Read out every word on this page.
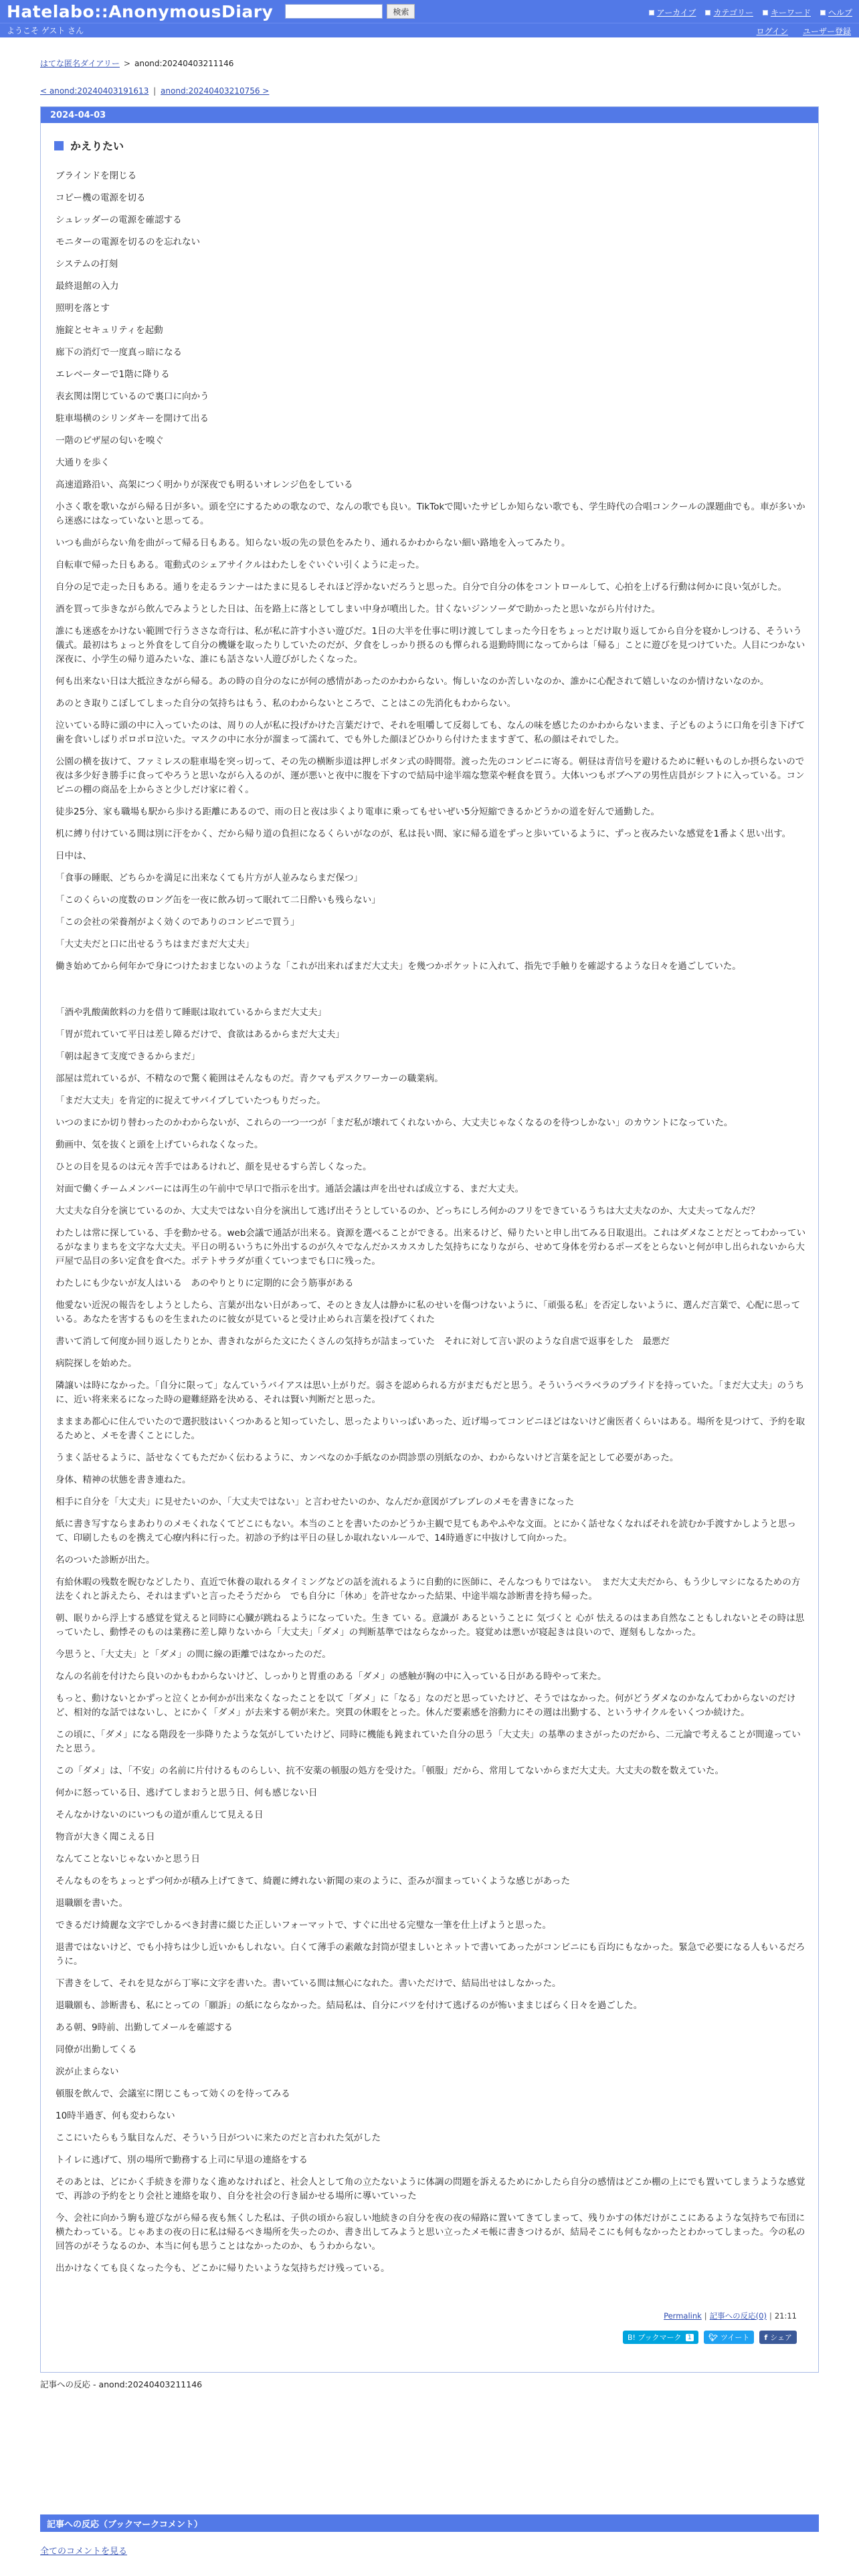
Hatelabo::AnonymousDiary	検索	アーカイブ カテゴリー キーワード ヘルプ
ようこそ ゲスト さん	ログイン ユーザー登録
はてな匿名ダイアリー > anond:20240403211146
< anond:20240403191613 | anond:20240403210756 >
2024-04-03
かえりたい

ブラインドを閉じる

コピー機の電源を切る

シュレッダーの電源を確認する

モニターの電源を切るのを忘れない

システムの打刻

最終退館の入力

照明を落とす

施錠とセキュリティを起動

廊下の消灯で一度真っ暗になる

エレベーターで1階に降りる

表玄関は閉じているので裏口に向かう

駐車場横のシリンダキーを開けて出る

一階のピザ屋の匂いを嗅ぐ

大通りを歩く

高速道路沿い、高架につく明かりが深夜でも明るいオレンジ色をしている

小さく歌を歌いながら帰る日が多い。頭を空にするための歌なので、なんの歌でも良い。TikTokで聞いたサビしか知らない歌でも、学生時代の合唱コンクールの課題曲でも。車が多いから迷惑にはなっていないと思ってる。

いつも曲がらない角を曲がって帰る日もある。知らない坂の先の景色をみたり、通れるかわからない細い路地を入ってみたり。

自転車で帰った日もある。電動式のシェアサイクルはわたしをぐいぐい引くように走った。

自分の足で走った日もある。通りを走るランナーはたまに見るしそれほど浮かないだろうと思った。自分で自分の体をコントロールして、心拍を上げる行動は何かに良い気がした。

酒を買って歩きながら飲んでみようとした日は、缶を路上に落としてしまい中身が噴出した。甘くないジンソーダで助かったと思いながら片付けた。

誰にも迷惑をかけない範囲で行うささな奇行は、私が私に許す小さい遊びだ。1日の大半を仕事に明け渡してしまった今日をちょっとだけ取り返してから自分を寝かしつける、そういう儀式。最初はちょっと外食をして自分の機嫌を取ったりしていたのだが、夕食をしっかり摂るのも憚られる退勤時間になってからは「帰る」ことに遊びを見つけていた。人目につかない深夜に、小学生の帰り道みたいな、誰にも話さない人遊びがしたくなった。

何も出来ない日は大抵泣きながら帰る。あの時の自分のなにが何の感情があったのかわからない。悔しいなのか苦しいなのか、誰かに心配されて嬉しいなのか情けないなのか。

あのとき取りこぼしてしまった自分の気持ちはもう、私のわからないところで、ことはこの先消化もわからない。

泣いている時に頭の中に入っていたのは、周りの人が私に投げかけた言葉だけで、それを咀嚼して反芻しても、なんの味を感じたのかわからないまま、子どものように口角を引き下げて歯を食いしばりポロポロ泣いた。マスクの中に水分が溜まって濡れて、でも外した顔ほどひかりら付けたまますぎて、私の顔はそれでした。

公園の横を抜けて、ファミレスの駐車場を突っ切って、その先の横断歩道は押しボタン式の時間帯。渡った先のコンビニに寄る。朝昼は青信号を避けるために軽いものしか摂らないので夜は多少好き勝手に食ってやろうと思いながら入るのが、運が悪いと夜中に腹を下すので結局中途半端な惣菜や軽食を買う。大体いつもボブヘアの男性店員がシフトに入っている。コンビニの棚の商品を上からさと少しだけ家に着く。

徒歩25分、家も職場も駅から歩ける距離にあるので、雨の日と夜は歩くより電車に乗ってもせいぜい5分短縮できるかどうかの道を好んで通勤した。

机に縛り付けている間は別に汗をかく、だから帰り道の負担になるくらいがなのが、私は長い間、家に帰る道をずっと歩いているように、ずっと夜みたいな感覚を1番よく思い出す。

日中は、

「食事の睡眠、どちらかを満足に出来なくても片方が人並みならまだ保つ」

「このくらいの度数のロング缶を一夜に飲み切って眠れて二日酔いも残らない」

「この会社の栄養剤がよく効くのでありのコンビニで買う」

「大丈夫だと口に出せるうちはまだまだ大丈夫」

働き始めてから何年かで身につけたおまじないのような「これが出来ればまだ大丈夫」を幾つかポケットに入れて、指先で手触りを確認するような日々を過ごしていた。

「酒や乳酸菌飲料の力を借りて睡眠は取れているからまだ大丈夫」

「胃が荒れていて平日は差し障るだけで、食欲はあるからまだ大丈夫」

「朝は起きて支度できるからまだ」

部屋は荒れているが、不精なので驚く範囲はそんなものだ。青クマもデスクワーカーの職業病。

「まだ大丈夫」を肯定的に捉えてサバイブしていたつもりだった。

いつのまにか切り替わったのかわからないが、これらの一つ一つが「まだ私が壊れてくれないから、大丈夫じゃなくなるのを待つしかない」のカウントになっていた。

動画中、気を抜くと頭を上げていられなくなった。

ひとの目を見るのは元々苦手ではあるけれど、顔を見せるすら苦しくなった。

対面で働くチームメンバーには再生の午前中で早口で指示を出す。通話会議は声を出せれば成立する、まだ大丈夫。

大丈夫な自分を演じているのか、大丈夫ではない自分を演出して逃げ出そうとしているのか、どっちにしろ何かのフリをできているうちは大丈夫なのか、大丈夫ってなんだ？

わたしは常に探している、手を動かせる。web会議で通話が出来る。資源を選べることができる。出来るけど、帰りたいと申し出てみる日取退出。これはダメなことだとってわかっているがなまりまちを文字な大丈夫。平日の明るいうちに外出するのが久々でなんだかスカスカした気持ちになりながら、せめて身体を労わるポーズをとらないと何が申し出られないから大戸屋で品目の多い定食を食べた。ポテトサラダが重くていつまでも口に残った。

わたしにも少ないが友人はいる　あのやりとりに定期的に会う筋事がある

他愛ない近況の報告をしようとしたら、言葉が出ない日があって、そのとき友人は静かに私のせいを傷つけないように、「頑張る私」を否定しないように、選んだ言葉で、心配に思っている。あなたを害するものを生まれたのに彼女が見ていると受け止められ言葉を投げてくれた

書いて消して何度か回り返したりとか、書きれながらた文にたくさんの気持ちが詰まっていた　それに対して言い訳のような自虐で返事をした　最悪だ

病院探しを始めた。

隣譲いは時になかった。「自分に限って」なんていうバイアスは思い上がりだ。弱さを認められる方がまだもだと思う。そういうベラベラのプライドを持っていた。「まだ大丈夫」のうちに、近い将来来るになった時の避難経路を決める、それは賢い判断だと思った。

まままあ都心に住んでいたので選択肢はいくつかあると知っていたし、思ったよりいっぱいあった、近げ場ってコンビニほどはないけど歯医者くらいはある。場所を見つけて、予約を取るためと、メモを書くことにした。

うまく話せるように、話せなくてもただかく伝わるように、カンペなのか手紙なのか問診票の別紙なのか、わからないけど言葉を記として必要があった。

身体、精神の状態を書き連ねた。

相手に自分を「大丈夫」に見せたいのか、「大丈夫ではない」と言わせたいのか、なんだか意図がブレブレのメモを書きになった

紙に書き写すならまあわりのメモくれなくてどこにもない。本当のことを書いたのかどうか主観で見てもあやふやな文面。とにかく話せなくなればそれを読むか手渡すかしようと思って、印刷したものを携えて心療内科に行った。初診の予約は平日の昼しか取れないルールで、14時過ぎに中抜けして向かった。

名のついた診断が出た。

有給休暇の残数を睨むなどしたり、直近で休養の取れるタイミングなどの話を流れるように自動的に医師に、そんなつもりではない。　まだ大丈夫だから、もう少しマシになるための方法をくれと訴えたら、それはまずいと言ったそうだから　でも自分に「休め」を許せなかった結果、中途半端な診断書を持ち帰った。

朝、眠りから浮上する感覚を覚えると同時に心臓が跳ねるようになっていた。生き てい る。意識が あるということに 気づくと 心が 怯えるのはまあ自然なこともしれないとその時は思っていたし、動悸そのものは業務に差し障りないから「大丈夫」「ダメ」の判断基準ではならなかった。寝覚めは悪いが寝起きは良いので、遅刻もしなかった。

今思うと、「大丈夫」と「ダメ」の間に線の距離ではなかったのだ。

なんの名前を付けたら良いのかもわからないけど、しっかりと胃重のある「ダメ」の感触が胸の中に入っている日がある時やって来た。

もっと、動けないとかずっと泣くとか何かが出来なくなったことを以て「ダメ」に「なる」なのだと思っていたけど、そうではなかった。何がどうダメなのかなんてわからないのだけど、相対的な話ではないし、とにかく「ダメ」が去来する朝が来た。突貫の休暇をとった。休んだ要素感を溶動力にその週は出勤する、というサイクルをいくつか続けた。

この頃に、「ダメ」になる階段を一歩降りたような気がしていたけど、同時に機能も鈍まれていた自分の思う「大丈夫」の基準のまさがったのだから、二元論で考えることが間違っていたと思う。

この「ダメ」は、「不安」の名前に片付けるものらしい、抗不安薬の頓服の処方を受けた。「頓服」だから、常用してないからまだ大丈夫。大丈夫の数を数えていた。

何かに怒っている日、逃げてしまおうと思う日、何も感じない日

そんなかけないのにいつもの道が重んじて見える日

物音が大きく聞こえる日

なんてことないじゃないかと思う日

そんなものをちょっとずつ何かが積み上げてきて、綺麗に縛れない新聞の束のように、歪みが溜まっていくような感じがあった

退職願を書いた。

できるだけ綺麗な文字でしかるべき封書に綴じた正しいフォーマットで、すぐに出せる完璧な一筆を仕上げようと思った。

退書ではないけど、でも小持ちは少し近いかもしれない。白くて薄手の素敵な封筒が望ましいとネットで書いてあったがコンビニにも百均にもなかった。緊急で必要になる人もいるだろうに。

下書きをして、それを見ながら丁寧に文字を書いた。書いている間は無心になれた。書いただけで、結局出せはしなかった。

退職願も、診断書も、私にとっての「願訴」の紙にならなかった。結局私は、自分にバツを付けて逃げるのが怖いままじばらく日々を過ごした。

ある朝、9時前、出勤してメールを確認する

同僚が出勤してくる

涙が止まらない

頓服を飲んで、会議室に閉じこもって効くのを待ってみる

10時半過ぎ、何も変わらない

ここにいたらもう駄目なんだ、そういう日がついに来たのだと言われた気がした

トイレに逃げて、別の場所で勤務する上司に早退の連絡をする

そのあとは、どにかく手続きを滞りなく進めなければと、社会人として角の立たないように体調の問題を訴えるためにかしたら自分の感情はどこか棚の上にでも置いてしまうような感覚で、再診の予約をとり会社と連絡を取り、自分を社会の行き届かせる場所に導いていった

今、会社に向かう駒も遊びながら帰る夜も無くした私は、子供の頃から寂しい地続きの自分を夜の夜の帰路に置いてきてしまって、残りかすの体だけがここにあるような気持ちで布団に横たわっている。じゃあまの夜の日に私は帰るべき場所を失ったのか、書き出してみようと思い立ったメモ帳に書きつけるが、結局そこにも何もなかったとわかってしまった。今の私の回答のがそうなるのか、本当に何も思うことはなかったのか、もうわからない。

出かけなくても良くなった今も、どこかに帰りたいような気持ちだけ残っている。

Permalink | 記事への反応(0) | 21:11
B! ブックマーク 1 🐦︎ ツイート f シェア
記事への反応 - anond:20240403211146
記事への反応（ブックマークコメント）
全てのコメントを見る
